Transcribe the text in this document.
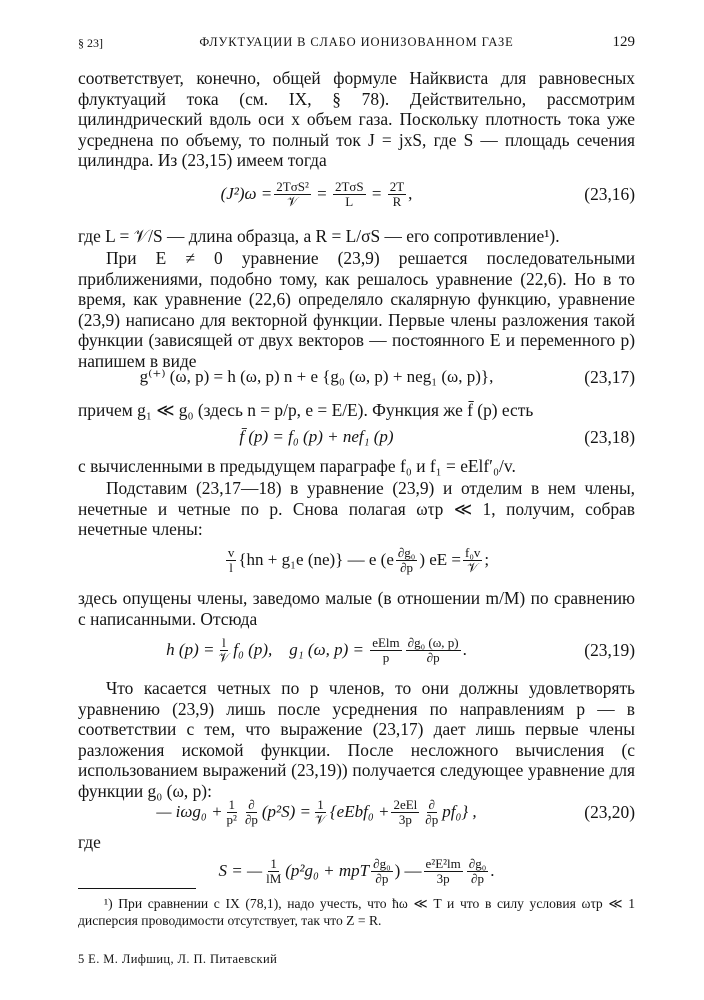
§ 23]	ФЛУКТУАЦИИ В СЛАБО ИОНИЗОВАННОМ ГАЗЕ	129

соответствует, конечно, общей формуле Найквиста для равновесных флуктуаций тока (см. IX, § 78). Действительно, рассмотрим цилиндрический вдоль оси x объем газа. Поскольку плотность тока уже усреднена по объему, то полный ток J = jxS, где S — площадь сечения цилиндра. Из (23,15) имеем тогда

$(J^2)\omega = \frac{\text{2TσS²}}{\text{𝒱}} = \frac{\text{2TσS}}{L} = \frac{2T}{R}$ ,	(23,16)

где L = 𝒱/S — длина образца, а R = L/σS — его сопротивление¹).

При E ≠ 0 уравнение (23,9) решается последовательными приближениями, подобно тому, как решалось уравнение (22,6). Но в то время, как уравнение (22,6) определяло скалярную функцию, уравнение (23,9) написано для векторной функции. Первые члены разложения такой функции (зависящей от двух векторов — постоянного E и переменного p) напишем в виде

g⁽⁺⁾ (ω, p) = h (ω, p) n + e {g₀ (ω, p) + neg₁ (ω, p)},	(23,17)

причем g₁ ≪ g₀ (здесь n = p/p, e = E/E). Функция же f̄ (p) есть

f̄ (p) = f₀ (p) + nef₁ (p)	(23,18)

с вычисленными в предыдущем параграфе f₀ и f₁ = eElf′₀/v.

Подставим (23,17—18) в уравнение (23,9) и отделим в нем члены, нечетные и четные по p. Снова полагая ωτp ≪ 1, получим, собрав нечетные члены:

$\frac{v}{l} \{hn + g_1e$ (ne)} — e ($e \frac{\text{∂g₀}}{\partial p}$ ) eE = $\frac{\text{f₀v}}{\text{𝒱}}$ ;

здесь опущены члены, заведомо малые (в отношении m/M) по сравнению с написанными. Отсюда

h $(p) = \frac{l}{\text{𝒱}} f_0$ (p),    g₁ (ω, $p) = \frac{\text{eElm}}{p} \frac{\text{∂g₀ (ω, p)}}{\partial p}$ .	(23,19)

Что касается четных по p членов, то они должны удовлетворять уравнению (23,9) лишь после усреднения по направлениям p — в соответствии с тем, что выражение (23,17) дает лишь первые члены разложения искомой функции. После несложного вычисления (с использованием выражений (23,19)) получается следующее уравнение для функции g₀ (ω, p):

— $i\omega g_0 + \frac{1}{\text{p²}} \frac{\partial}{\partial p} (p^2S) = \frac{1}{\text{𝒱}}$ {eEbf₀ + $\frac{\text{2eEl}}{3p} \frac{\partial}{\partial p} pf_0$} ,	(23,20)

где

S = — $\frac{1}{lM} (p^2g_0$ + mpT $\frac{\text{∂g₀}}{\partial p}$ ) — $\frac{\text{e²E²lm}}{3p} \frac{\text{∂g₀}}{\partial p}$ .
¹) При сравнении с IX (78,1), надо учесть, что ħω ≪ T и что в силу условия ωτp ≪ 1 дисперсия проводимости отсутствует, так что Z = R.
5 Е. М. Лифшиц, Л. П. Питаевский
